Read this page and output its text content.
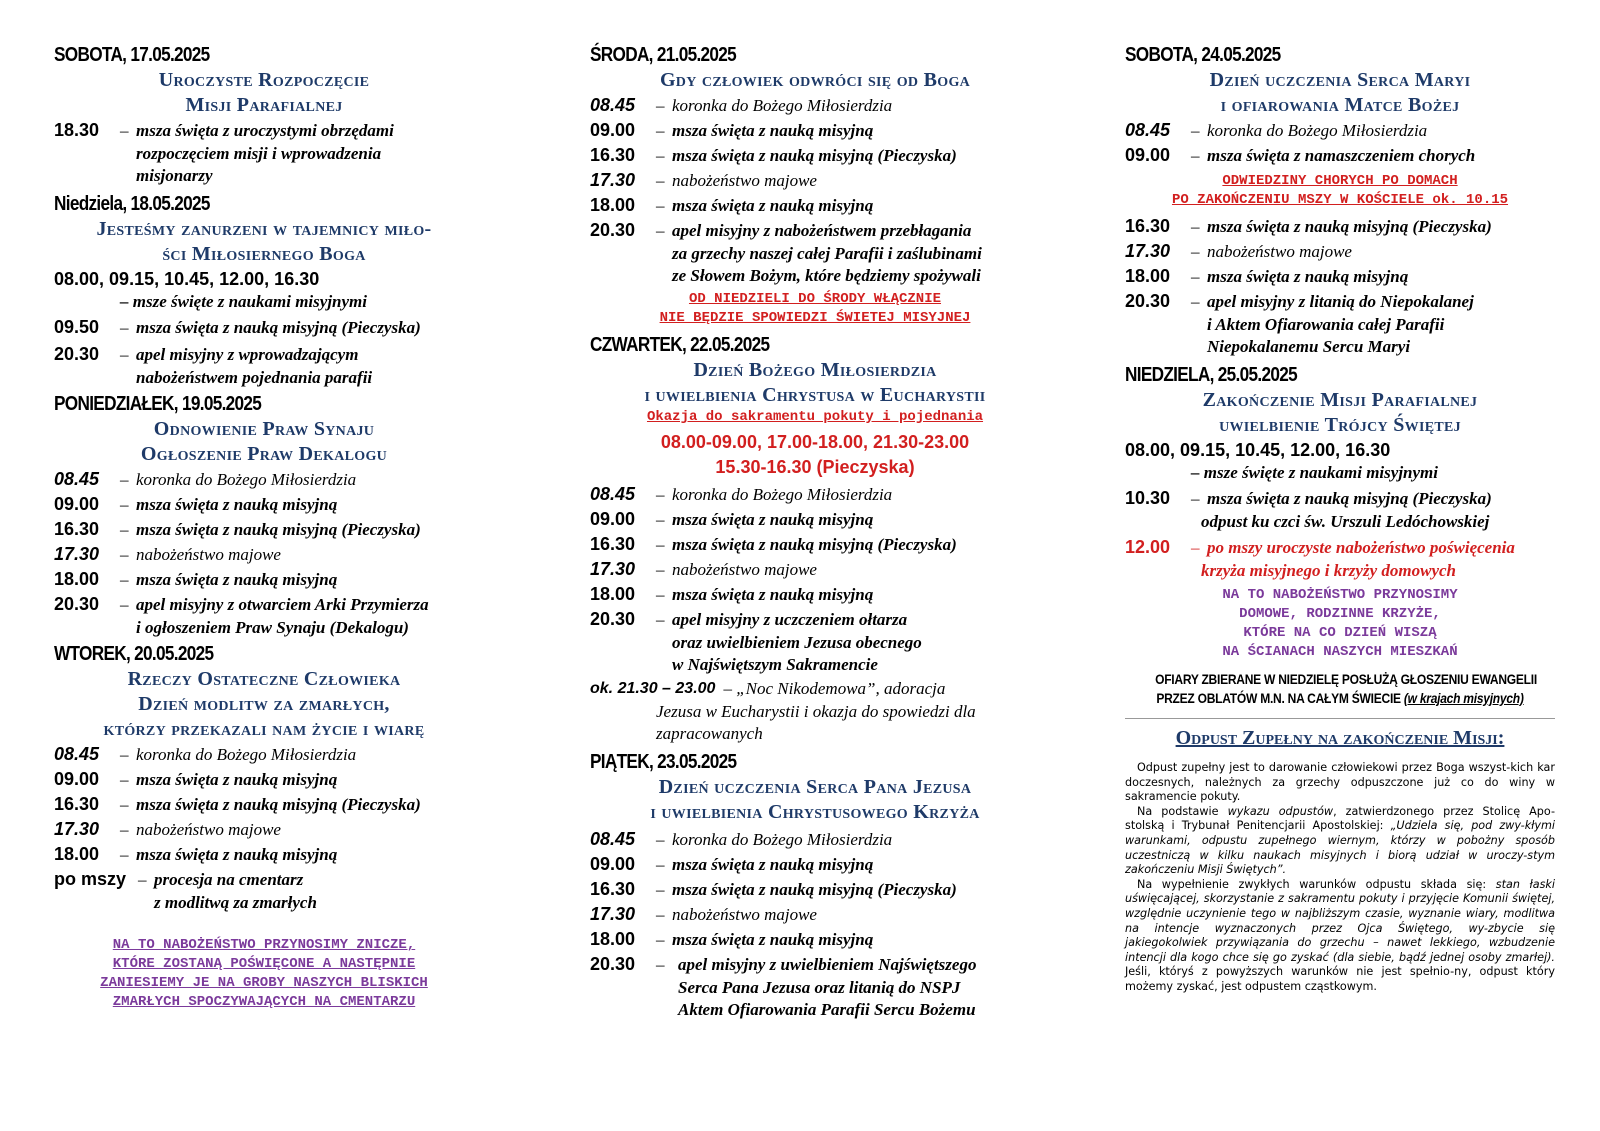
SOBOTA, 17.05.2025
Uroczyste Rozpoczęcie
Misji Parafialnej
18.30	– msza święta z uroczystymi obrzędami
rozpoczęciem misji i wprowadzenia
misjonarzy
Niedziela, 18.05.2025
Jesteśmy zanurzeni w tajemnicy miło-
ści Miłosiernego Boga
08.00, 09.15, 10.45, 12.00, 16.30
– msze święte z naukami misyjnymi
09.50	– msza święta z nauką misyjną (Pieczyska)
20.30	– apel misyjny z wprowadzającym
nabożeństwem pojednania parafii
PONIEDZIAŁEK, 19.05.2025
Odnowienie Praw Synaju
Ogłoszenie Praw Dekalogu
08.45	– koronka do Bożego Miłosierdzia
09.00	– msza święta z nauką misyjną
16.30	– msza święta z nauką misyjną (Pieczyska)
17.30	– nabożeństwo majowe
18.00	– msza święta z nauką misyjną
20.30	– apel misyjny z otwarciem Arki Przymierza
i ogłoszeniem Praw Synaju (Dekalogu)
WTOREK, 20.05.2025
Rzeczy Ostateczne Człowieka
Dzień modlitw za zmarłych,
którzy przekazali nam życie i wiarę
08.45	– koronka do Bożego Miłosierdzia
09.00	– msza święta z nauką misyjną
16.30	– msza święta z nauką misyjną (Pieczyska)
17.30	– nabożeństwo majowe
18.00	– msza święta z nauką misyjną
po mszy – procesja na cmentarz
z modlitwą za zmarłych
NA TO NABOŻEŃSTWO PRZYNOSIMY ZNICZE,
KTÓRE ZOSTANĄ POŚWIĘCONE A NASTĘPNIE
ZANIESIEMY JE NA GROBY NASZYCH BLISKICH
ZMARŁYCH SPOCZYWAJĄCYCH NA CMENTARZU
ŚRODA, 21.05.2025
Gdy człowiek odwróci się od Boga
08.45	– koronka do Bożego Miłosierdzia
09.00	– msza święta z nauką misyjną
16.30	– msza święta z nauką misyjną (Pieczyska)
17.30	– nabożeństwo majowe
18.00	– msza święta z nauką misyjną
20.30	– apel misyjny z nabożeństwem przebłagania
za grzechy naszej całej Parafii i zaślubinami
ze Słowem Bożym, które będziemy spożywali
OD NIEDZIELI DO ŚRODY WŁĄCZNIE
NIE BĘDZIE SPOWIEDZI ŚWIETEJ MISYJNEJ
CZWARTEK, 22.05.2025
Dzień Bożego Miłosierdzia
i uwielbienia Chrystusa w Eucharystii
Okazja do sakramentu pokuty i pojednania
08.00-09.00, 17.00-18.00, 21.30-23.00
15.30-16.30 (Pieczyska)
08.45	– koronka do Bożego Miłosierdzia
09.00	– msza święta z nauką misyjną
16.30	– msza święta z nauką misyjną (Pieczyska)
17.30	– nabożeństwo majowe
18.00	– msza święta z nauką misyjną
20.30	– apel misyjny z uczczeniem ołtarza
oraz uwielbieniem Jezusa obecnego
w Najświętszym Sakramencie
ok. 21.30 – 23.00 – „Noc Nikodemowa”, adoracja
Jezusa w Eucharystii i okazja do spowiedzi dla
zapracowanych
PIĄTEK, 23.05.2025
Dzień uczczenia Serca Pana Jezusa
i uwielbienia Chrystusowego Krzyża
08.45	– koronka do Bożego Miłosierdzia
09.00	– msza święta z nauką misyjną
16.30	– msza święta z nauką misyjną (Pieczyska)
17.30	– nabożeństwo majowe
18.00	– msza święta z nauką misyjną
20.30	– apel misyjny z uwielbieniem Najświętszego
Serca Pana Jezusa oraz litanią do NSPJ
Aktem Ofiarowania Parafii Sercu Bożemu
SOBOTA, 24.05.2025
Dzień uczczenia Serca Maryi
i ofiarowania Matce Bożej
08.45	– koronka do Bożego Miłosierdzia
09.00	– msza święta z namaszczeniem chorych
ODWIEDZINY CHORYCH PO DOMACH
PO ZAKOŃCZENIU MSZY W KOŚCIELE ok. 10.15
16.30	– msza święta z nauką misyjną (Pieczyska)
17.30	– nabożeństwo majowe
18.00	– msza święta z nauką misyjną
20.30	– apel misyjny z litanią do Niepokalanej
i Aktem Ofiarowania całej Parafii
Niepokalanemu Sercu Maryi
NIEDZIELA, 25.05.2025
Zakończenie Misji Parafialnej
uwielbienie Trójcy Świętej
08.00, 09.15, 10.45, 12.00, 16.30
– msze święte z naukami misyjnymi
10.30	– msza święta z nauką misyjną (Pieczyska)
odpust ku czci św. Urszuli Ledóchowskiej
12.00	– po mszy uroczyste nabożeństwo poświęcenia
krzyża misyjnego i krzyży domowych
NA TO NABOŻEŃSTWO PRZYNOSIMY
DOMOWE, RODZINNE KRZYŻE,
KTÓRE NA CO DZIEŃ WISZĄ
NA ŚCIANACH NASZYCH MIESZKAŃ
OFIARY ZBIERANE W NIEDZIELĘ POSŁUŻĄ GŁOSZENIU EWANGELII
PRZEZ OBLATÓW M.N. NA CAŁYM ŚWIECIE (w krajach misyjnych)
Odpust Zupełny na zakończenie Misji:

Odpust zupełny jest to darowanie człowiekowi przez Boga wszyst-kich kar doczesnych, należnych za grzechy odpuszczone już co do winy w sakramencie pokuty.

Na podstawie wykazu odpustów, zatwierdzonego przez Stolicę Apo-stolską i Trybunał Penitencjarii Apostolskiej: „Udziela się, pod zwy-kłymi warunkami, odpustu zupełnego wiernym, którzy w pobożny sposób uczestniczą w kilku naukach misyjnych i biorą udział w uroczy-stym zakończeniu Misji Świętych”.

Na wypełnienie zwykłych warunków odpustu składa się: stan łaski uświęcającej, skorzystanie z sakramentu pokuty i przyjęcie Komunii świętej, względnie uczynienie tego w najbliższym czasie, wyznanie wiary, modlitwa na intencje wyznaczonych przez Ojca Świętego, wy-zbycie się jakiegokolwiek przywiązania do grzechu – nawet lekkiego, wzbudzenie intencji dla kogo chce się go zyskać (dla siebie, bądź jednej osoby zmarłej). Jeśli, któryś z powyższych warunków nie jest spełnio-ny, odpust który możemy zyskać, jest odpustem cząstkowym.
